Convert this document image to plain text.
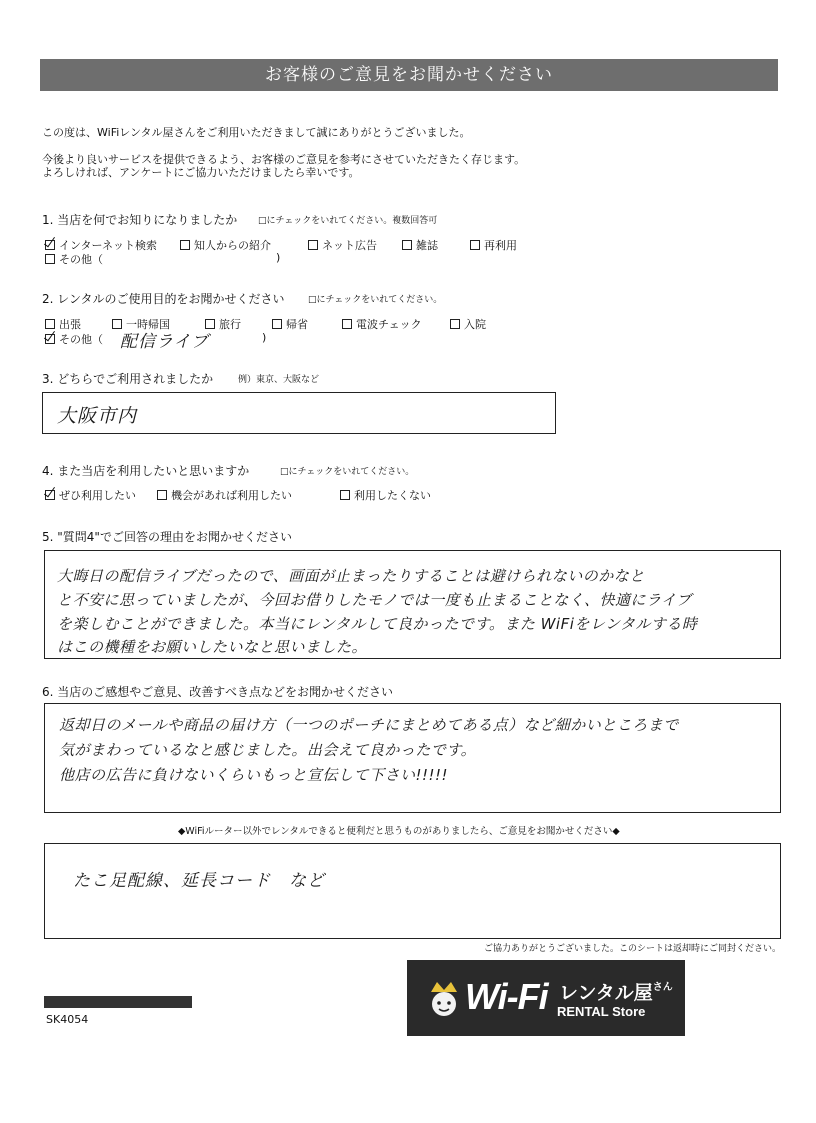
お客様のご意見をお聞かせください
この度は、WiFiレンタル屋さんをご利用いただきまして誠にありがとうございました。
今後より良いサービスを提供できるよう、お客様のご意見を参考にさせていただきたく存じます。
よろしければ、アンケートにご協力いただけましたら幸いです。
1. 当店を何でお知りになりましたか □にチェックをいれてください。複数回答可
インターネット検索	知人からの紹介	ネット広告	雑誌	再利用
その他（	)
2. レンタルのご使用目的をお聞かせください	□にチェックをいれてください。
出張	一時帰国	旅行	帰省	電波チェック	入院
その他（ 配信ライブ	)
3. どちらでご利用されましたか	例）東京、大阪など
大阪市内
4. また当店を利用したいと思いますか	□にチェックをいれてください。
ぜひ利用したい	機会があれば利用したい	利用したくない
5. "質問4"でご回答の理由をお聞かせください
大晦日の配信ライブだったので、画面が止まったりすることは避けられないのかなと
と不安に思っていましたが、今回お借りしたモノでは一度も止まることなく、快適にライブ
を楽しむことができました。本当にレンタルして良かったです。また WiFiをレンタルする時
はこの機種をお願いしたいなと思いました。
6. 当店のご感想やご意見、改善すべき点などをお聞かせください
返却日のメールや商品の届け方（一つのポーチにまとめてある点）など細かいところまで
気がまわっているなと感じました。出会えて良かったです。
他店の広告に負けないくらいもっと宣伝して下さい!!!!!
◆WiFiルーター以外でレンタルできると便利だと思うものがありましたら、ご意見をお聞かせください◆
たこ足配線、延長コード　など
ご協力ありがとうございました。このシートは返却時にご同封ください。
Wi-Fi レンタル屋$^{さん}$
RENTAL Store
SK4054
